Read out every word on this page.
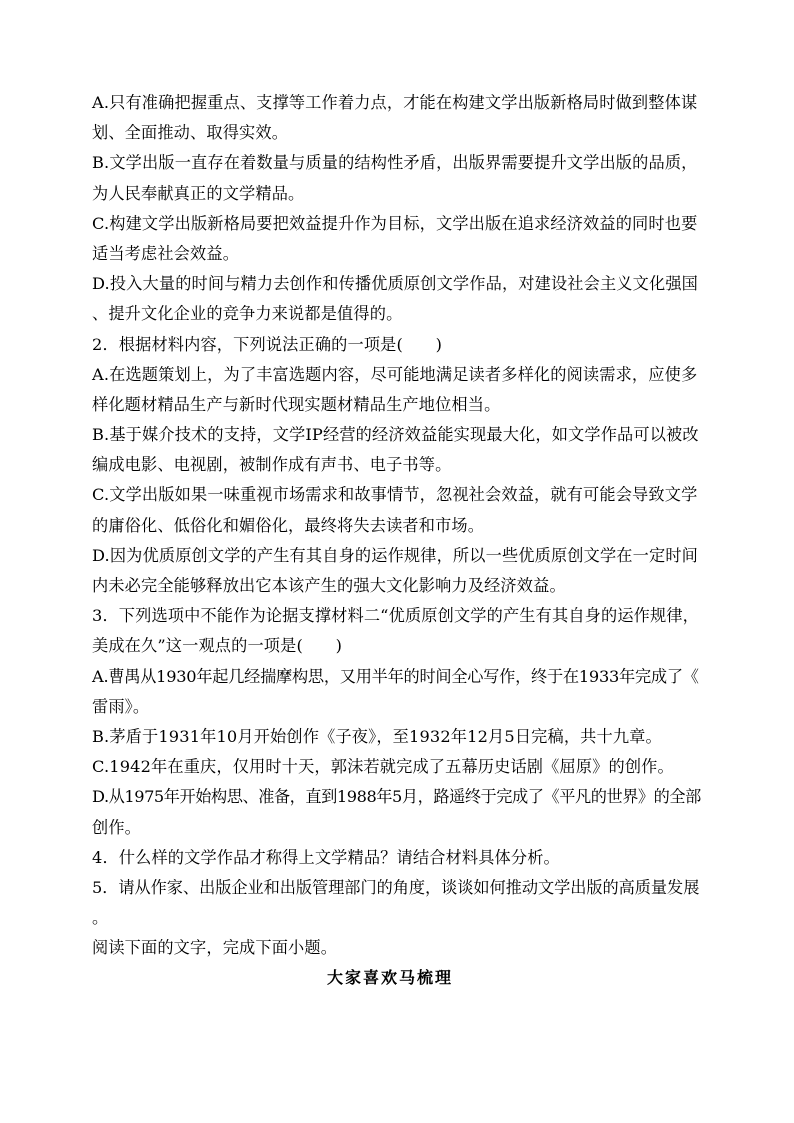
A.只有准确把握重点、支撑等工作着力点，才能在构建文学出版新格局时做到整体谋
划、全面推动、取得实效。
B.文学出版一直存在着数量与质量的结构性矛盾，出版界需要提升文学出版的品质，
为人民奉献真正的文学精品。
C.构建文学出版新格局要把效益提升作为目标，文学出版在追求经济效益的同时也要
适当考虑社会效益。
D.投入大量的时间与精力去创作和传播优质原创文学作品，对建设社会主义文化强国
、提升文化企业的竞争力来说都是值得的。
2．根据材料内容，下列说法正确的一项是(　　)
A.在选题策划上，为了丰富选题内容，尽可能地满足读者多样化的阅读需求，应使多
样化题材精品生产与新时代现实题材精品生产地位相当。
B.基于媒介技术的支持，文学IP经营的经济效益能实现最大化，如文学作品可以被改
编成电影、电视剧，被制作成有声书、电子书等。
C.文学出版如果一味重视市场需求和故事情节，忽视社会效益，就有可能会导致文学
的庸俗化、低俗化和媚俗化，最终将失去读者和市场。
D.因为优质原创文学的产生有其自身的运作规律，所以一些优质原创文学在一定时间
内未必完全能够释放出它本该产生的强大文化影响力及经济效益。
3．下列选项中不能作为论据支撑材料二“优质原创文学的产生有其自身的运作规律，
美成在久”这一观点的一项是(　　)
A.曹禺从1930年起几经揣摩构思，又用半年的时间全心写作，终于在1933年完成了《
雷雨》。
B.茅盾于1931年10月开始创作《子夜》，至1932年12月5日完稿，共十九章。
C.1942年在重庆，仅用时十天，郭沫若就完成了五幕历史话剧《屈原》的创作。
D.从1975年开始构思、准备，直到1988年5月，路遥终于完成了《平凡的世界》的全部
创作。
4．什么样的文学作品才称得上文学精品？请结合材料具体分析。
5．请从作家、出版企业和出版管理部门的角度，谈谈如何推动文学出版的高质量发展
。
阅读下面的文字，完成下面小题。
大家喜欢马梳理
